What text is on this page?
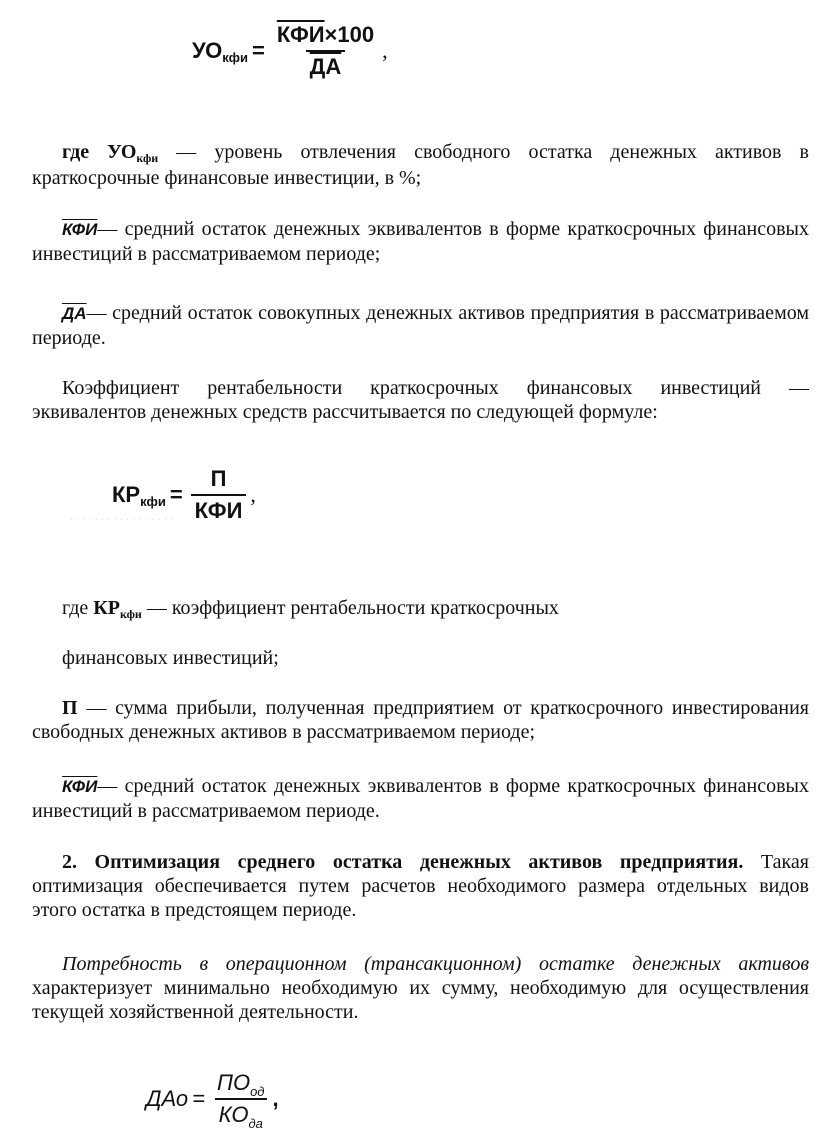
УО кфи = $\frac{\text{КФИ×100}}{ДА}$ ,

где $УО_{кфи}$ — уровень отвлечения свободного остатка денежных активов в краткосрочные финансовые инвестиции, в %;

КФИ— средний остаток денежных эквивалентов в форме краткосрочных финансовых инвестиций в рассматриваемом периоде;

ДА— средний остаток совокупных денежных активов предприятия в рассматриваемом периоде.

Коэффициент рентабельности краткосрочных финансовых инвестиций — эквивалентов денежных средств рассчитывается по следующей формуле:

КР кфи = $\frac{П}{\text{КФИ}}$ ,
· · · · · · · · · · · · · · · · ·

где $КР_{кфи}$ — коэффициент рентабельности краткосрочных

финансовых инвестиций;

П — сумма прибыли, полученная предприятием от краткосрочного инвестирования свободных денежных активов в рассматриваемом периоде;

КФИ— средний остаток денежных эквивалентов в форме краткосрочных финансовых инвестиций в рассматриваемом периоде.

2. Оптимизация среднего остатка денежных активов предприятия. Такая оптимизация обеспечивается путем расчетов необходимого размера отдельных видов этого остатка в предстоящем периоде.

Потребность в операционном (трансакционном) остатке денежных активов характеризует минимально необходимую их сумму, необходимую для осуществления текущей хозяйственной деятельности.

ДАо = $\frac{ПО_{од}}{КО_{да}}$ ,
